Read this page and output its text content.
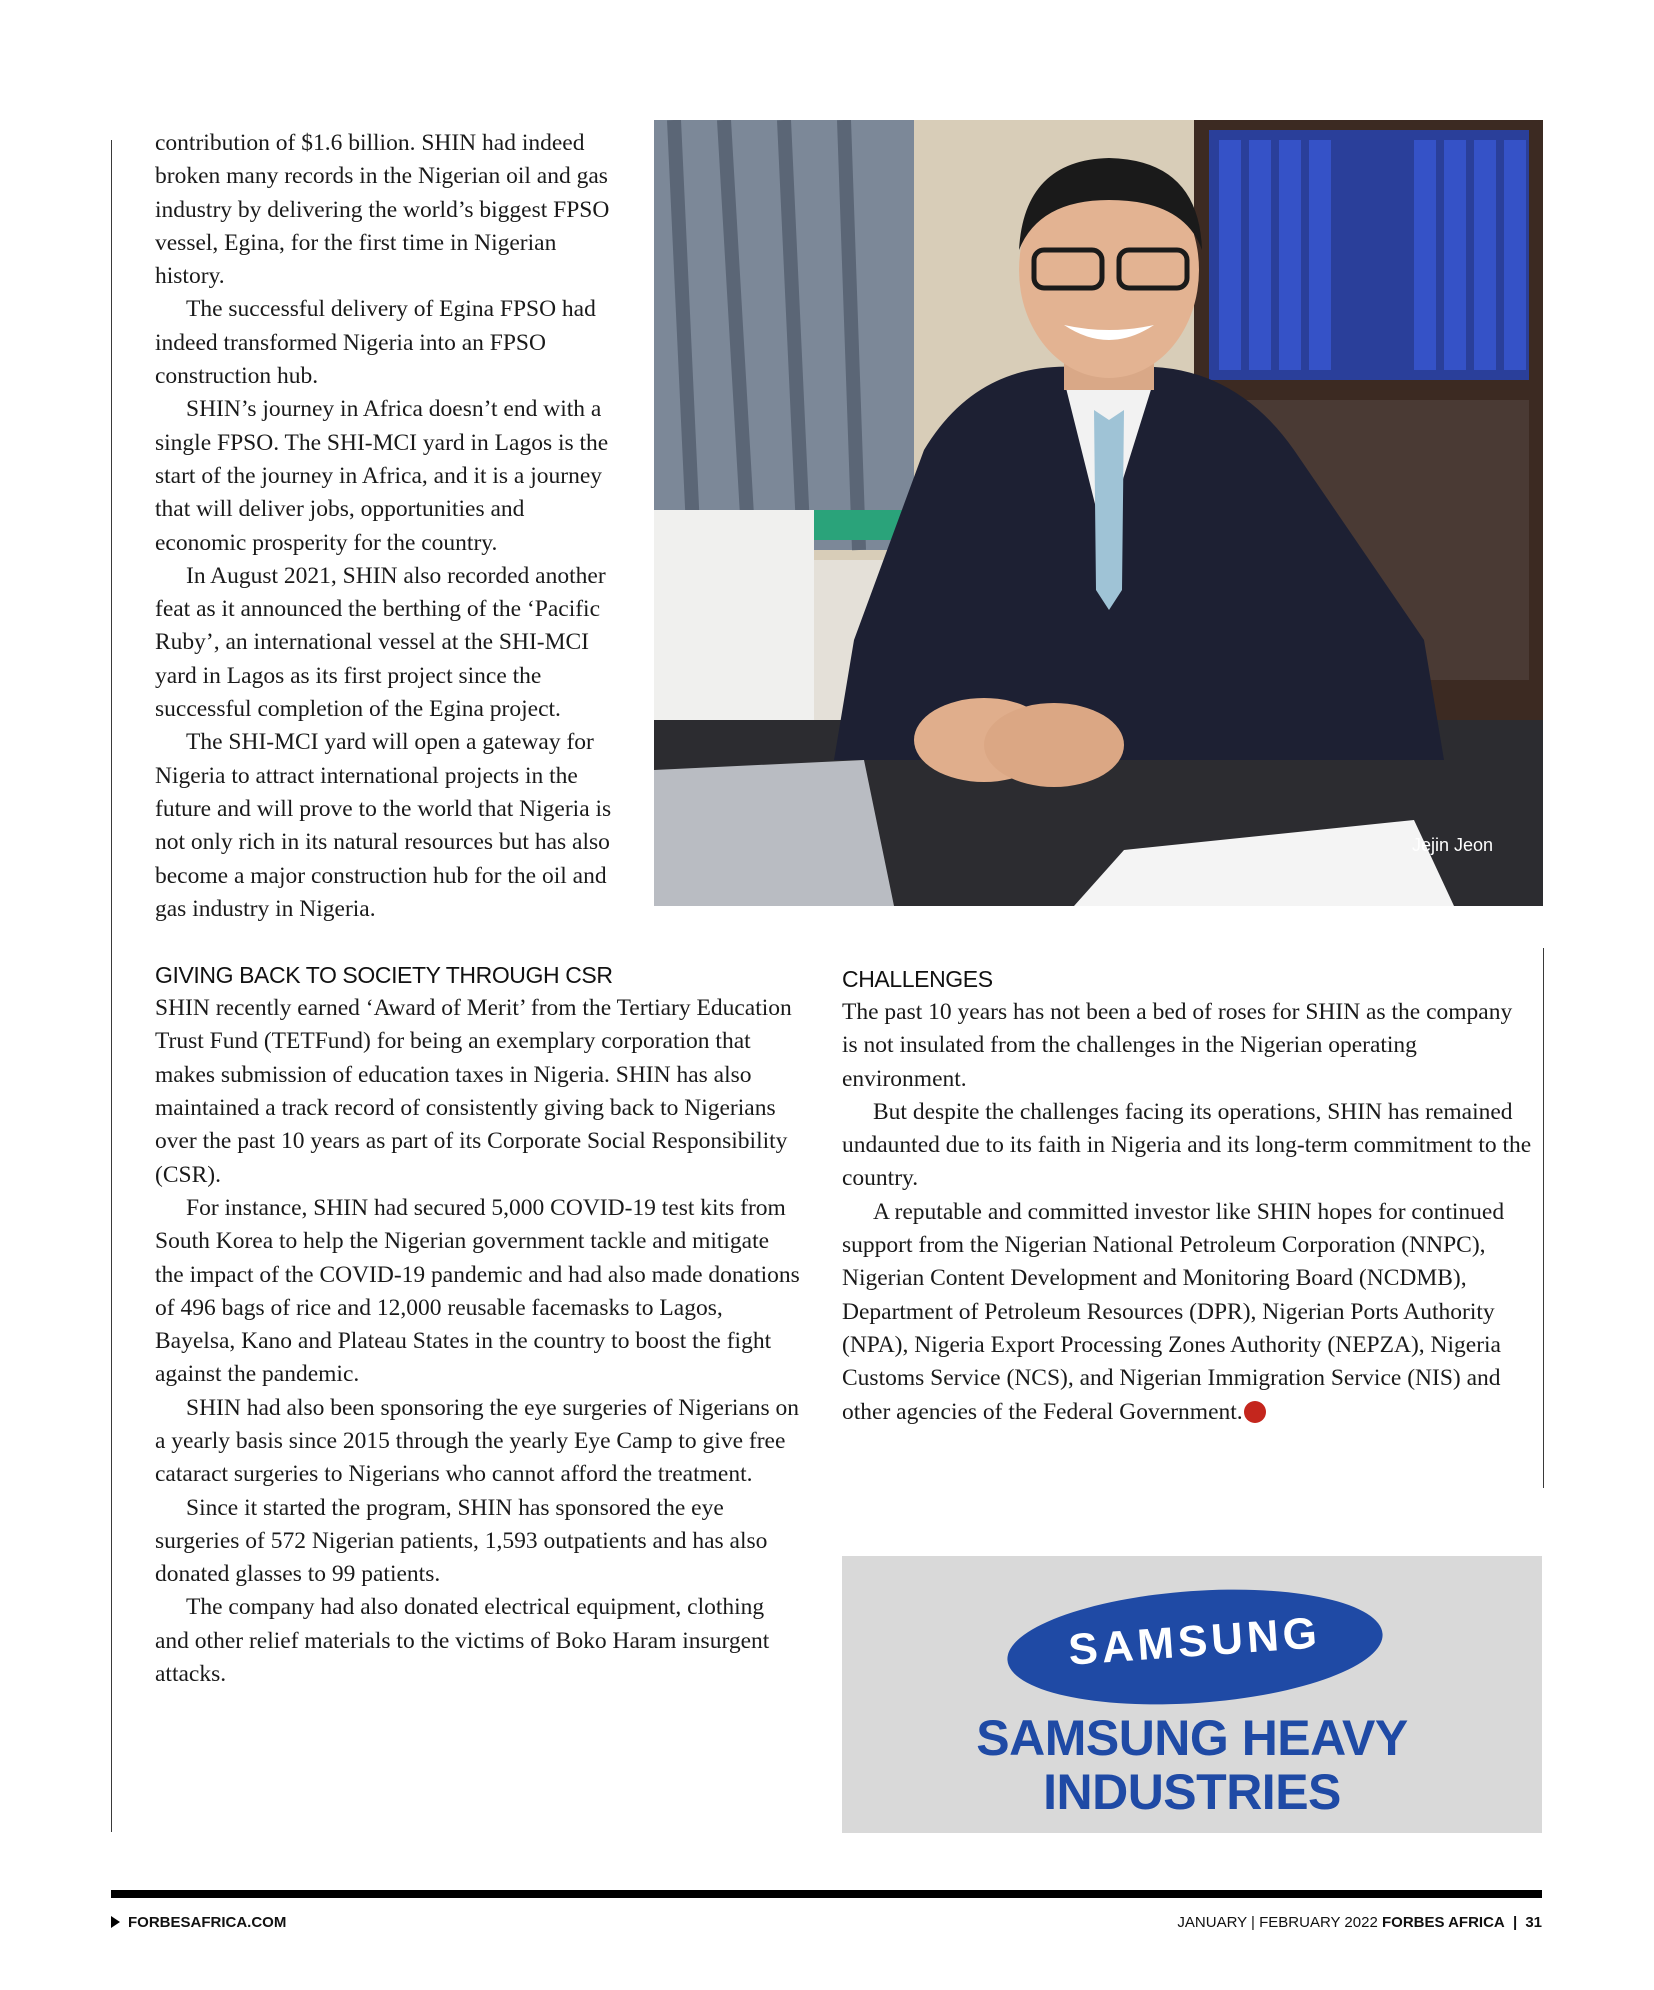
contribution of $1.6 billion. SHIN had indeed broken many records in the Nigerian oil and gas industry by delivering the world’s biggest FPSO vessel, Egina, for the first time in Nigerian history.

The successful delivery of Egina FPSO had indeed transformed Nigeria into an FPSO construction hub.

SHIN’s journey in Africa doesn’t end with a single FPSO. The SHI-MCI yard in Lagos is the start of the journey in Africa, and it is a journey that will deliver jobs, opportunities and economic prosperity for the country.

In August 2021, SHIN also recorded another feat as it announced the berthing of the ‘Pacific Ruby’, an international vessel at the SHI-MCI yard in Lagos as its first project since the successful completion of the Egina project.

The SHI-MCI yard will open a gateway for Nigeria to attract international projects in the future and will prove to the world that Nigeria is not only rich in its natural resources but has also become a major construction hub for the oil and gas industry in Nigeria.

GIVING BACK TO SOCIETY THROUGH CSR

SHIN recently earned ‘Award of Merit’ from the Tertiary Education Trust Fund (TETFund) for being an exemplary corporation that makes submission of education taxes in Nigeria. SHIN has also maintained a track record of consistently giving back to Nigerians over the past 10 years as part of its Corporate Social Responsibility (CSR).

For instance, SHIN had secured 5,000 COVID-19 test kits from South Korea to help the Nigerian government tackle and mitigate the impact of the COVID-19 pandemic and had also made donations of 496 bags of rice and 12,000 reusable facemasks to Lagos, Bayelsa, Kano and Plateau States in the country to boost the fight against the pandemic.

SHIN had also been sponsoring the eye surgeries of Nigerians on a yearly basis since 2015 through the yearly Eye Camp to give free cataract surgeries to Nigerians who cannot afford the treatment.

Since it started the program, SHIN has sponsored the eye surgeries of 572 Nigerian patients, 1,593 outpatients and has also donated glasses to 99 patients.

The company had also donated electrical equipment, clothing and other relief materials to the victims of Boko Haram insurgent attacks.

Jejin Jeon
CHALLENGES

The past 10 years has not been a bed of roses for SHIN as the company is not insulated from the challenges in the Nigerian operating environment.

But despite the challenges facing its operations, SHIN has remained undaunted due to its faith in Nigeria and its long-term commitment to the country.

A reputable and committed investor like SHIN hopes for continued support from the Nigerian National Petroleum Corporation (NNPC), Nigerian Content Development and Monitoring Board (NCDMB), Department of Petroleum Resources (DPR), Nigerian Ports Authority (NPA), Nigeria Export Processing Zones Authority (NEPZA), Nigeria Customs Service (NCS), and Nigerian Immigration Service (NIS) and other agencies of the Federal Government. F

SAMSUNG
SAMSUNG HEAVY
INDUSTRIES
FORBESAFRICA.COM	JANUARY | FEBRUARY 2022 FORBES AFRICA | 31
